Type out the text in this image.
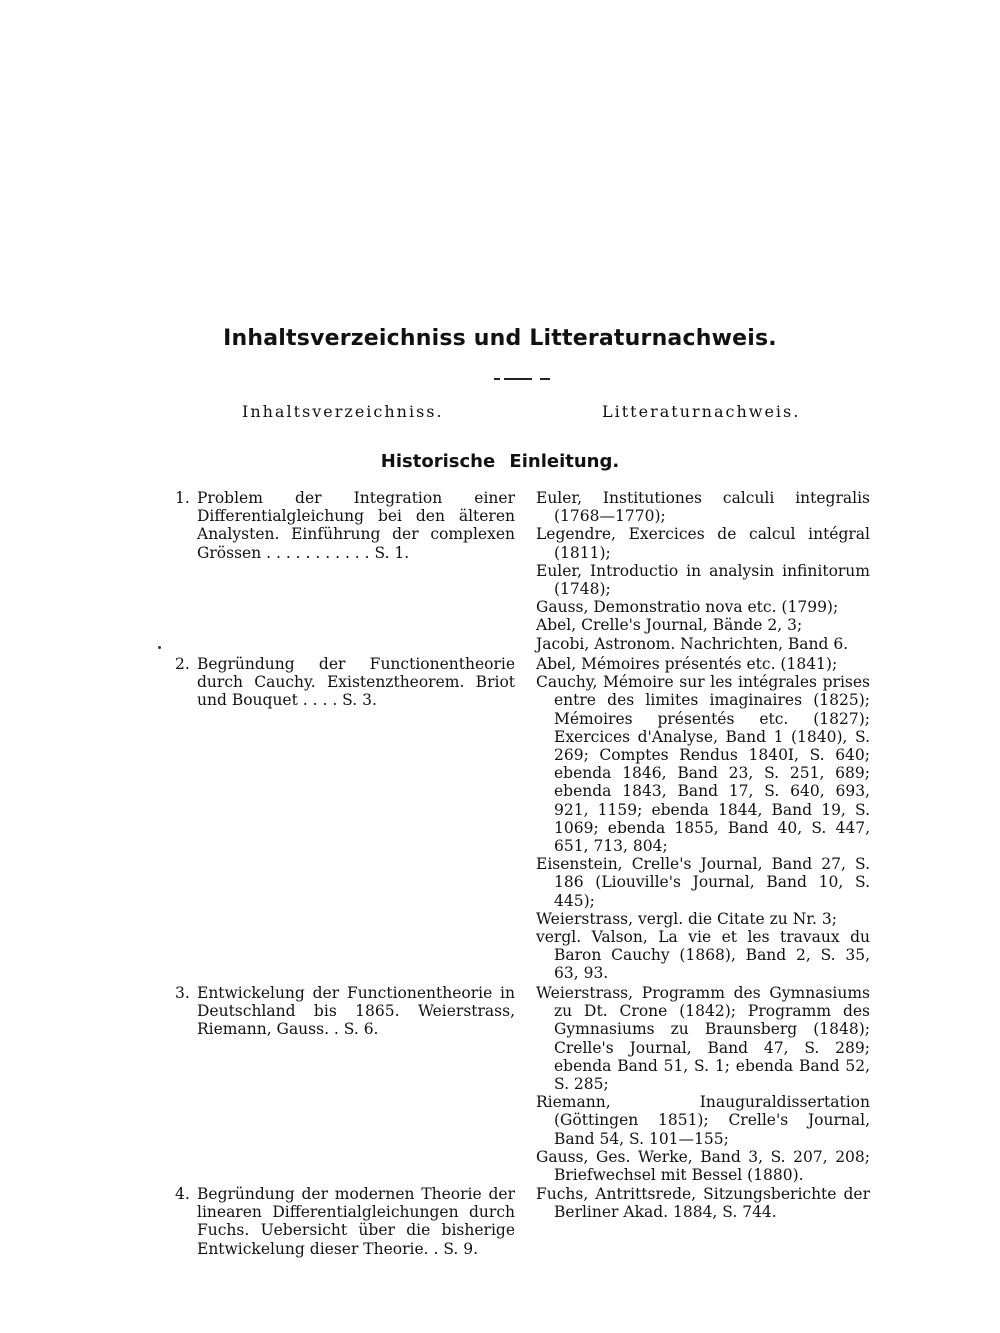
Inhaltsverzeichniss und Litteraturnachweis.
Inhaltsverzeichniss.	Litteraturnachweis.
Historische Einleitung.
1. Problem der Integration einer Differentialgleichung bei den älteren Analysten. Einführung der complexen Grössen . . . . . . . . . . . S. 1.
2. Begründung der Functionentheorie durch Cauchy. Existenztheorem. Briot und Bouquet . . . . S. 3.
3. Entwickelung der Functionentheorie in Deutschland bis 1865. Weierstrass, Riemann, Gauss. . S. 6.
4. Begründung der modernen Theorie der linearen Differentialgleichungen durch Fuchs. Uebersicht über die bisherige Entwickelung dieser Theorie. . S. 9.
Euler, Institutiones calculi integralis (1768—1770);
Legendre, Exercices de calcul intégral (1811);
Euler, Introductio in analysin infinitorum (1748);
Gauss, Demonstratio nova etc. (1799);
Abel, Crelle's Journal, Bände 2, 3;
Jacobi, Astronom. Nachrichten, Band 6.
Abel, Mémoires présentés etc. (1841);
Cauchy, Mémoire sur les intégrales prises entre des limites imaginaires (1825); Mémoires présentés etc. (1827); Exercices d'Analyse, Band 1 (1840), S. 269; Comptes Rendus 1840I, S. 640; ebenda 1846, Band 23, S. 251, 689; ebenda 1843, Band 17, S. 640, 693, 921, 1159; ebenda 1844, Band 19, S. 1069; ebenda 1855, Band 40, S. 447, 651, 713, 804;
Eisenstein, Crelle's Journal, Band 27, S. 186 (Liouville's Journal, Band 10, S. 445);
Weierstrass, vergl. die Citate zu Nr. 3;
vergl. Valson, La vie et les travaux du Baron Cauchy (1868), Band 2, S. 35, 63, 93.
Weierstrass, Programm des Gymnasiums zu Dt. Crone (1842); Programm des Gymnasiums zu Braunsberg (1848); Crelle's Journal, Band 47, S. 289; ebenda Band 51, S. 1; ebenda Band 52, S. 285;
Riemann, Inauguraldissertation (Göttingen 1851); Crelle's Journal, Band 54, S. 101—155;
Gauss, Ges. Werke, Band 3, S. 207, 208; Briefwechsel mit Bessel (1880).
Fuchs, Antrittsrede, Sitzungsberichte der Berliner Akad. 1884, S. 744.
